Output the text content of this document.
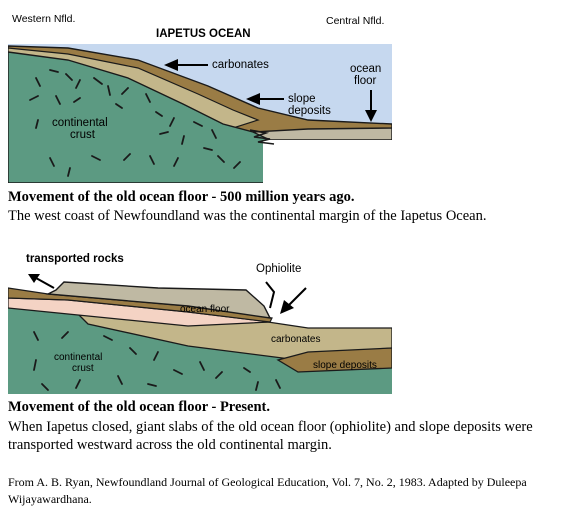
Western Nfld.	Central Nfld.
IAPETUS OCEAN
carbonates
slope
deposits
ocean
floor
continental
crust
Movement of the old ocean floor - 500 million years ago.
The west coast of Newfoundland was the continental margin of the Iapetus Ocean.
transported rocks
Ophiolite
ocean floor
carbonates
slope deposits
continental
crust
Movement of the old ocean floor - Present.
When Iapetus closed, giant slabs of the old ocean floor (ophiolite) and slope deposits were transported westward across the old continental margin.
From A. B. Ryan, Newfoundland Journal of Geological Education, Vol. 7, No. 2, 1983. Adapted by Duleepa Wijayawardhana.
